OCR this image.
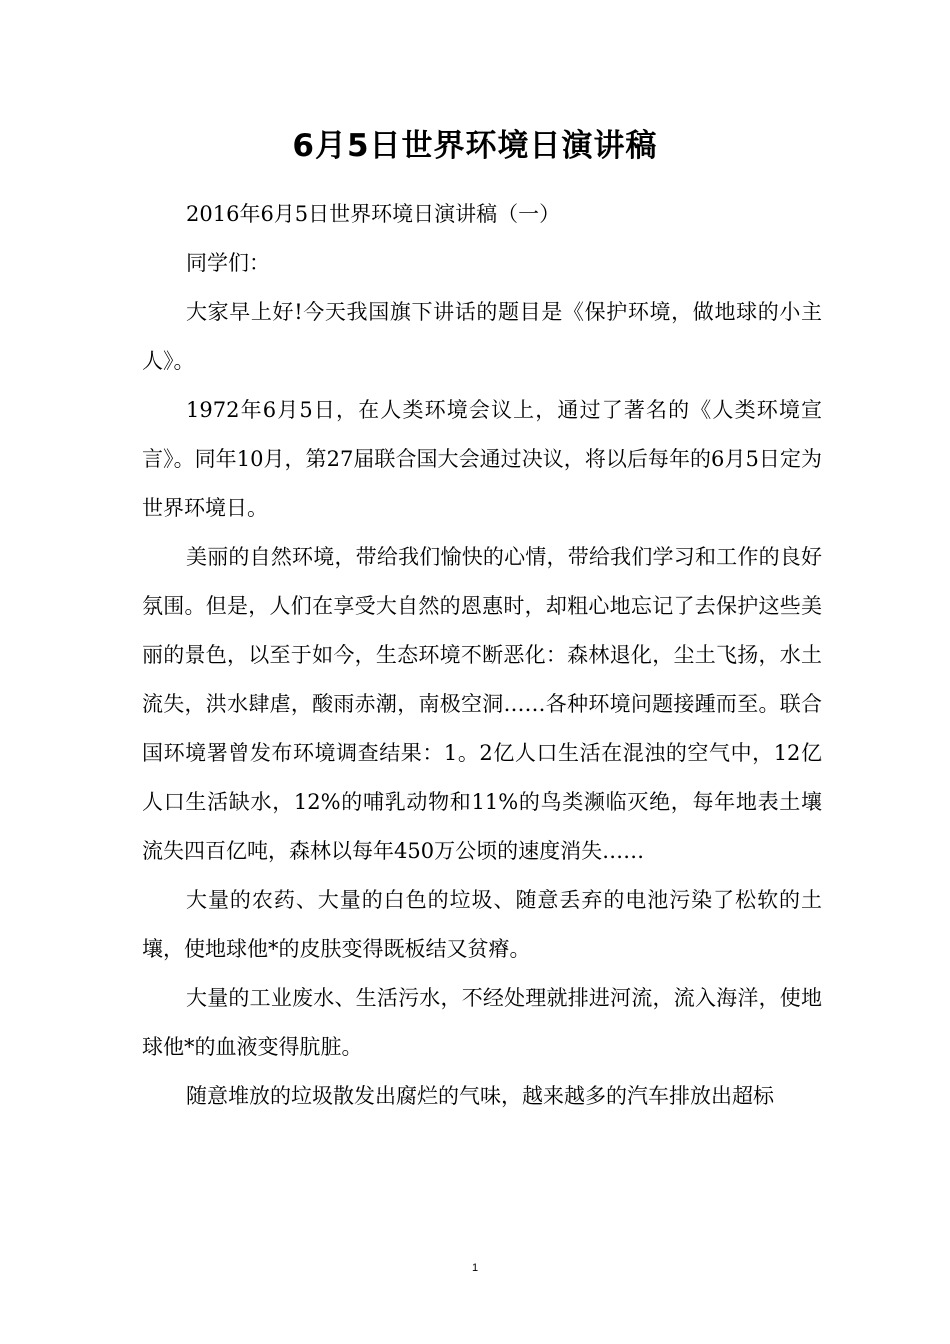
6月5日世界环境日演讲稿

2016年6月5日世界环境日演讲稿（一）

同学们：

大家早上好!今天我国旗下讲话的题目是《保护环境，做地球的小主人》。

1972年6月5日，在人类环境会议上，通过了著名的《人类环境宣言》。同年10月，第27届联合国大会通过决议，将以后每年的6月5日定为世界环境日。

美丽的自然环境，带给我们愉快的心情，带给我们学习和工作的良好氛围。但是，人们在享受大自然的恩惠时，却粗心地忘记了去保护这些美丽的景色，以至于如今，生态环境不断恶化：森林退化，尘土飞扬，水土流失，洪水肆虐，酸雨赤潮，南极空洞……各种环境问题接踵而至。联合国环境署曾发布环境调查结果：1。2亿人口生活在混浊的空气中，12亿人口生活缺水，12%的哺乳动物和11%的鸟类濒临灭绝，每年地表土壤流失四百亿吨，森林以每年450万公顷的速度消失……

大量的农药、大量的白色的垃圾、随意丢弃的电池污染了松软的土壤，使地球他*的皮肤变得既板结又贫瘠。

大量的工业废水、生活污水，不经处理就排进河流，流入海洋，使地球他*的血液变得肮脏。

随意堆放的垃圾散发出腐烂的气味，越来越多的汽车排放出超标

1
